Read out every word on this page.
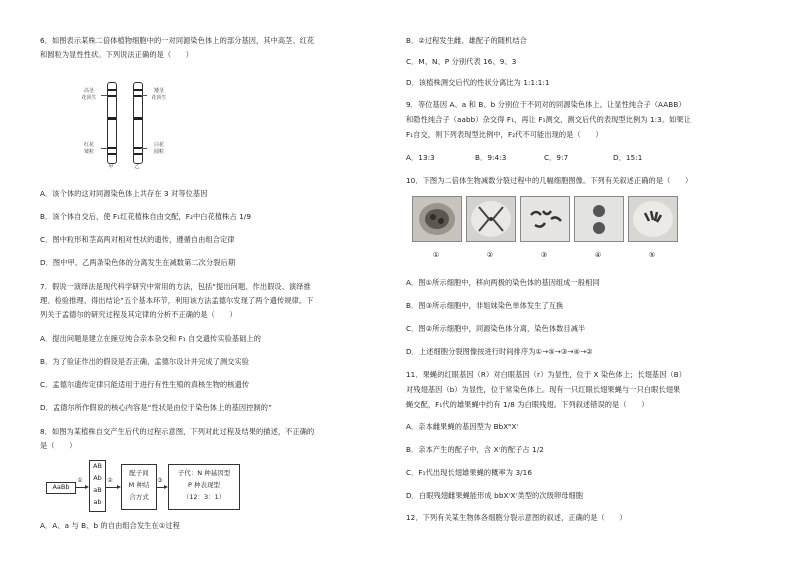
6．如图表示某株二倍体植物细胞中的一对同源染色体上的部分基因，其中高茎、红花
和圆粒为显性性状。下列说法正确的是（　　）
高茎
花顶生
红花
皱粒
矮茎
花顶生
白花
圆粒
甲	乙
A．该个体的这对同源染色体上共存在 3 对等位基因
B．该个体自交后，使 F₁红花植株自由交配，F₂中白花植株占 1/9
C．图中粒形和茎高两对相对性状的遗传，遵循自由组合定律
D．图中甲、乙两条染色体的分离发生在减数第二次分裂后期
7．假说一演绎法是现代科学研究中常用的方法，包括“提出问题、作出假设、演绎推
理、检验推理、得出结论”五个基本环节，利用该方法孟德尔发现了两个遗传规律。下
列关于孟德尔的研究过程及其定律的分析不正确的是（　　）
A．提出问题是建立在豌豆纯合亲本杂交和 F₁ 自交遗传实验基础上的
B．为了验证作出的假设是否正确，孟德尔设计并完成了测交实验
C．孟德尔遗传定律只能适用于进行有性生殖的真核生物的核遗传
D．孟德尔所作假说的核心内容是“性状是由位于染色体上的基因控制的”
8．如图为某植株自交产生后代的过程示意图，下列对此过程及结果的描述，不正确的
是（　　）
AaBb
①
AB
Ab
aB
ab
②
配子间
M 种结
合方式
③
子代：N 种基因型
P 种表现型
（12：3：1）
A．A、a 与 B、b 的自由组合发生在①过程
B．②过程发生雌、雄配子的随机结合
C．M、N、P 分别代表 16、9、3
D．该植株测交后代的性状分离比为 1:1:1:1
9．等位基因 A、a 和 B、b 分别位于不同对的同源染色体上。让显性纯合子（AABB）
和隐性纯合子（aabb）杂交得 F₁，再让 F₁测交，测交后代的表现型比例为 1:3。如果让
F₁自交，则下列表现型比例中，F₂代不可能出现的是（　　）
A．13:3	B．9:4:3	C．9:7	D．15:1
10．下图为二倍体生物减数分裂过程中的几幅细胞图像。下列有关叙述正确的是（　　）
①	②	③	④	⑤
A．图①所示细胞中，移向两极的染色体的基因组成一般相同
B．图③所示细胞中，非姐妹染色单体发生了互换
C．图②所示细胞中，同源染色体分离，染色体数目减半
D．上述细胞分裂图像按进行时间排序为①→⑤→③→④→②
11．果蝇的红眼基因（R）对白眼基因（r）为显性，位于 X 染色体上；长翅基因（B）
对残翅基因（b）为显性，位于常染色体上。现有一只红眼长翅果蝇与一只白眼长翅果
蝇交配，F₁代的雄果蝇中约有 1/8 为白眼残翅。下列叙述错误的是（　　）
A．亲本雌果蝇的基因型为 BbXᴿXʳ
B．亲本产生的配子中，含 Xʳ的配子占 1/2
C．F₁代出现长翅雄果蝇的概率为 3/16
D．白眼残翅雌果蝇能形成 bbXʳXʳ类型的次级卵母细胞
12．下列有关某生物体各细胞分裂示意图的叙述，正确的是（　　）
